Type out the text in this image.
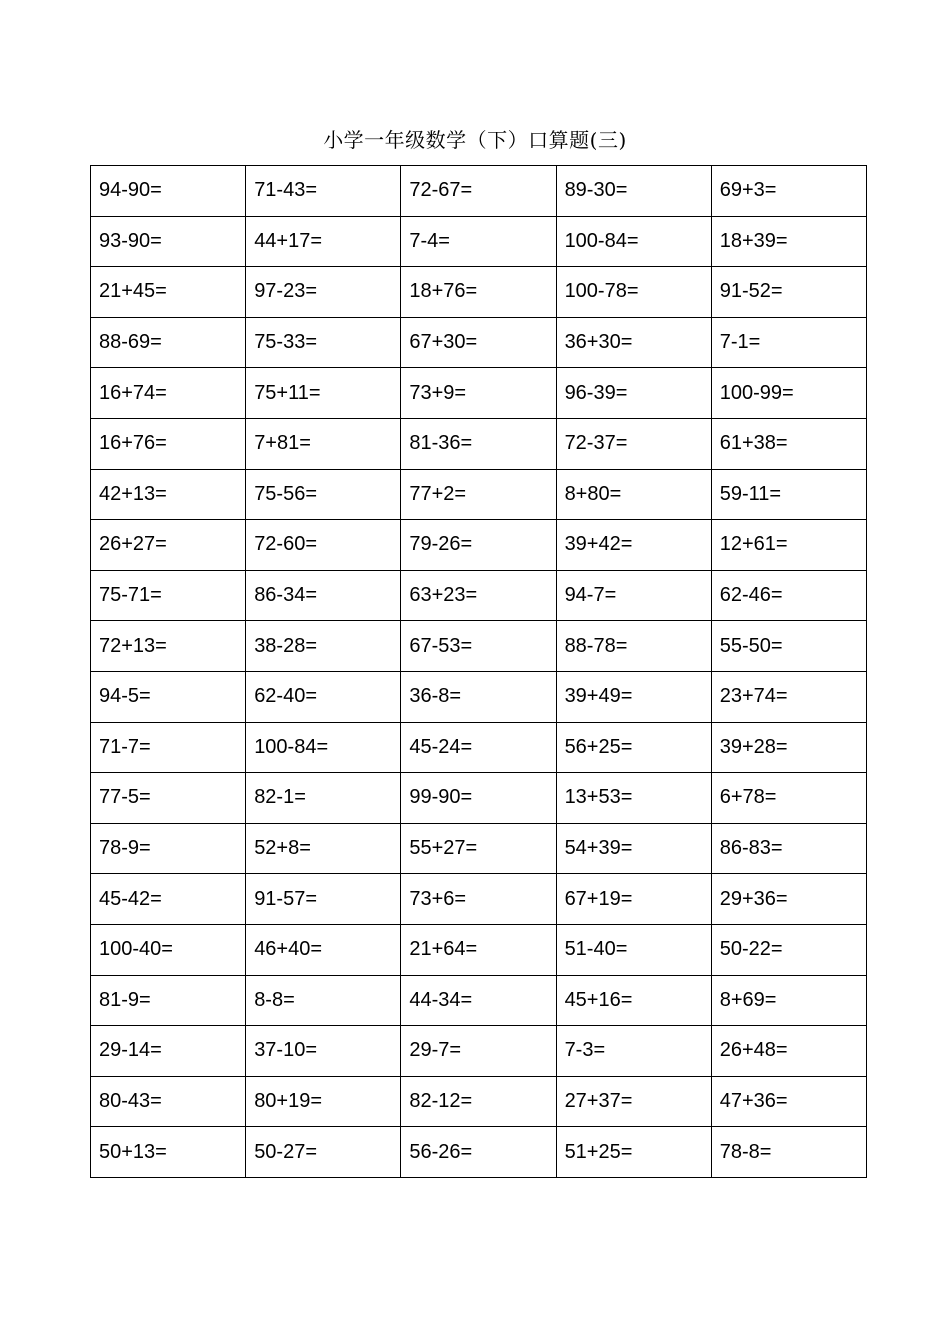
小学一年级数学（下）口算题(三)
94-90=	71-43=	72-67=	89-30=	69+3=
93-90=	44+17=	7-4=	100-84=	18+39=
21+45=	97-23=	18+76=	100-78=	91-52=
88-69=	75-33=	67+30=	36+30=	7-1=
16+74=	75+11=	73+9=	96-39=	100-99=
16+76=	7+81=	81-36=	72-37=	61+38=
42+13=	75-56=	77+2=	8+80=	59-11=
26+27=	72-60=	79-26=	39+42=	12+61=
75-71=	86-34=	63+23=	94-7=	62-46=
72+13=	38-28=	67-53=	88-78=	55-50=
94-5=	62-40=	36-8=	39+49=	23+74=
71-7=	100-84=	45-24=	56+25=	39+28=
77-5=	82-1=	99-90=	13+53=	6+78=
78-9=	52+8=	55+27=	54+39=	86-83=
45-42=	91-57=	73+6=	67+19=	29+36=
100-40=	46+40=	21+64=	51-40=	50-22=
81-9=	8-8=	44-34=	45+16=	8+69=
29-14=	37-10=	29-7=	7-3=	26+48=
80-43=	80+19=	82-12=	27+37=	47+36=
50+13=	50-27=	56-26=	51+25=	78-8=
